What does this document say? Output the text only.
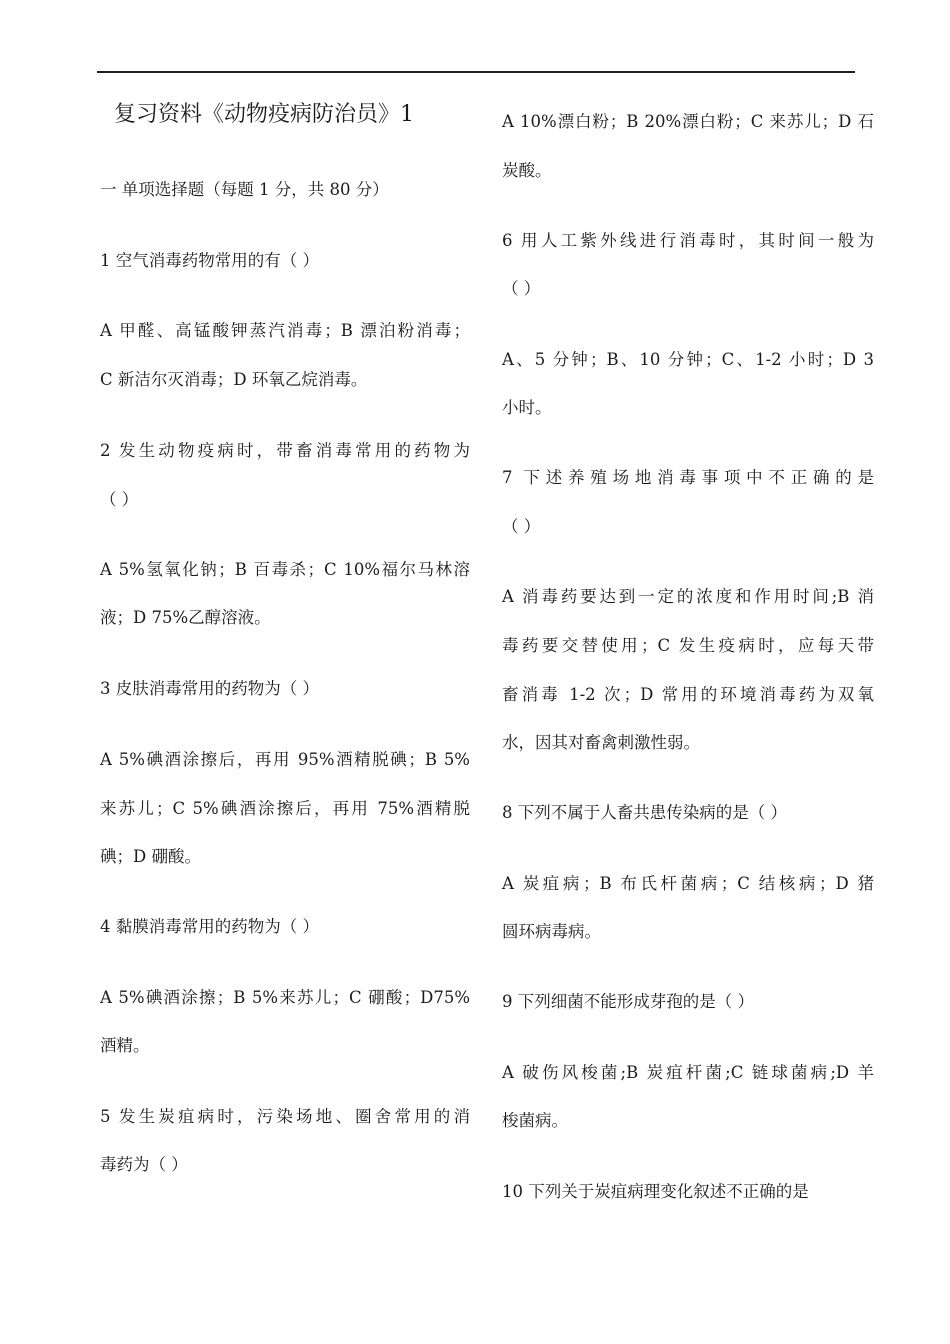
复习资料《动物疫病防治员》1
一 单项选择题（每题 1 分，共 80 分）
1 空气消毒药物常用的有（ ）
A 甲醛、高锰酸钾蒸汽消毒；B 漂泊粉消毒；
C 新洁尔灭消毒；D 环氧乙烷消毒。
2 发生动物疫病时，带畜消毒常用的药物为
（ ）
A 5%氢氧化钠；B 百毒杀；C 10%福尔马林溶
液；D 75%乙醇溶液。
3 皮肤消毒常用的药物为（ ）
A 5%碘酒涂擦后，再用 95%酒精脱碘；B 5%
来苏儿；C 5%碘酒涂擦后，再用 75%酒精脱
碘；D 硼酸。
4 黏膜消毒常用的药物为（ ）
A 5%碘酒涂擦；B 5%来苏儿；C 硼酸；D75%
酒精。
5 发生炭疽病时，污染场地、圈舍常用的消
毒药为（ ）
A 10%漂白粉；B 20%漂白粉；C 来苏儿；D 石
炭酸。
6 用人工紫外线进行消毒时，其时间一般为
（ ）
A、5 分钟；B、10 分钟；C、1-2 小时；D 3
小时。
7 下述养殖场地消毒事项中不正确的是
（ ）
A 消毒药要达到一定的浓度和作用时间;B 消
毒药要交替使用；C 发生疫病时，应每天带
畜消毒 1-2 次；D 常用的环境消毒药为双氧
水，因其对畜禽刺激性弱。
8 下列不属于人畜共患传染病的是（ ）
A 炭疽病；B 布氏杆菌病；C 结核病；D 猪
圆环病毒病。
9 下列细菌不能形成芽孢的是（ ）
A 破伤风梭菌;B 炭疽杆菌;C 链球菌病;D 羊
梭菌病。
10 下列关于炭疽病理变化叙述不正确的是
